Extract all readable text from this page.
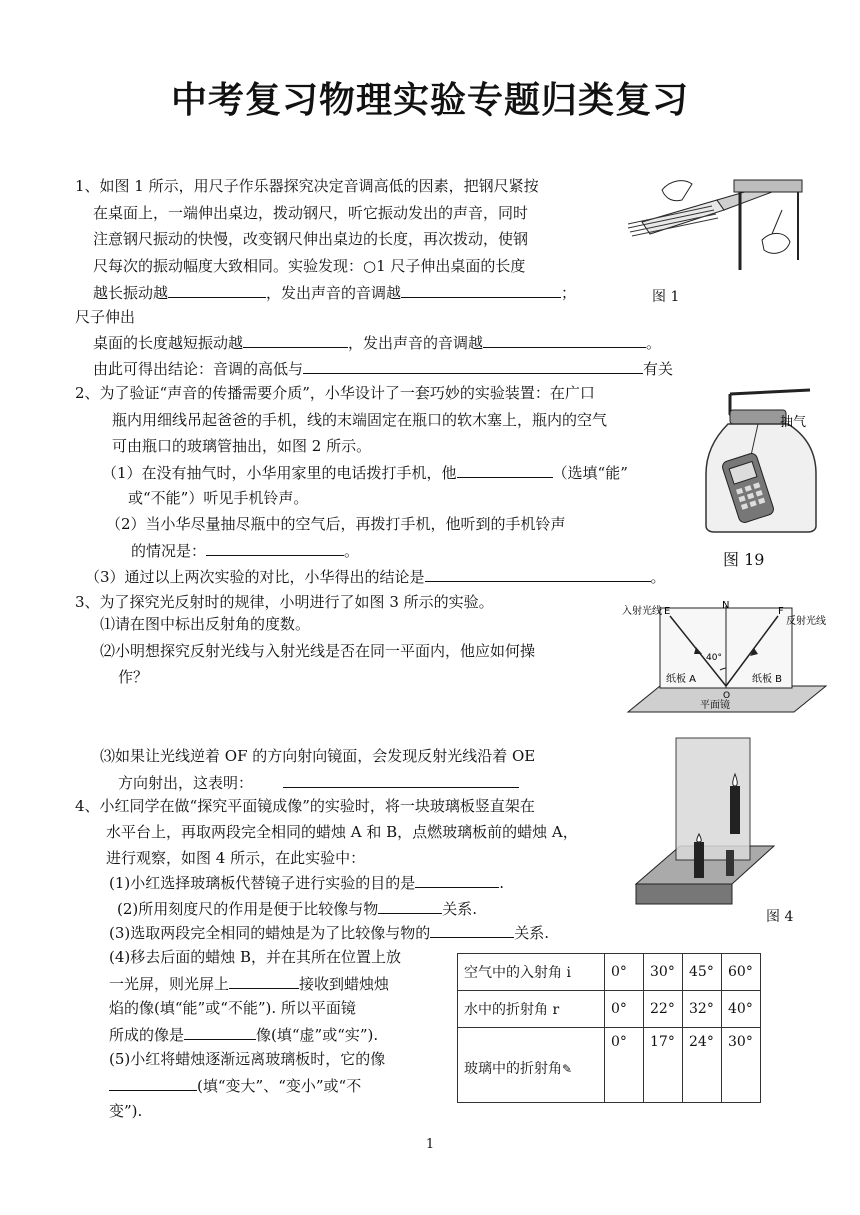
中考复习物理实验专题归类复习
1、如图 1 所示，用尺子作乐器探究决定音调高低的因素，把钢尺紧按
在桌面上，一端伸出桌边，拨动钢尺，听它振动发出的声音，同时
注意钢尺振动的快慢，改变钢尺伸出桌边的长度，再次拨动，使钢
尺每次的振动幅度大致相同。实验发现：○1 尺子伸出桌面的长度
越长振动越	，发出声音的音调越	；	图 1
尺子伸出
桌面的长度越短振动越	，发出声音的音调越	。
由此可得出结论：音调的高低与	有关
2、为了验证“声音的传播需要介质”，小华设计了一套巧妙的实验装置：在广口
瓶内用细线吊起爸爸的手机，线的末端固定在瓶口的软木塞上，瓶内的空气
可由瓶口的玻璃管抽出，如图 2 所示。
（1）在没有抽气时，小华用家里的电话拨打手机，他	（选填“能”
或“不能”）听见手机铃声。
（2）当小华尽量抽尽瓶中的空气后，再拨打手机，他听到的手机铃声
的情况是：	。
（3）通过以上两次实验的对比，小华得出的结论是	。
抽气
图 19
3、为了探究光反射时的规律，小明进行了如图 3 所示的实验。
⑴请在图中标出反射角的度数。
⑵小明想探究反射光线与入射光线是否在同一平面内，他应如何操
作？
⑶如果让光线逆着 OF 的方向射向镜面，会发现反射光线沿着 OE
方向射出，这表明：
入射光线 E
N
F
反射光线
40°
O
纸板 A	纸板 B
平面镜
4、小红同学在做“探究平面镜成像”的实验时，将一块玻璃板竖直架在
水平台上，再取两段完全相同的蜡烛 A 和 B，点燃玻璃板前的蜡烛 A，
进行观察，如图 4 所示，在此实验中：
(1)小红选择玻璃板代替镜子进行实验的目的是	.
(2)所用刻度尺的作用是便于比较像与物	关系.
(3)选取两段完全相同的蜡烛是为了比较像与物的	关系.
(4)移去后面的蜡烛 B，并在其所在位置上放
一光屏，则光屏上	接收到蜡烛烛
焰的像(填“能”或“不能”). 所以平面镜
所成的像是	像(填“虚”或“实”).
(5)小红将蜡烛逐渐远离玻璃板时，它的像
(填“变大”、“变小”或“不
变”).
图 4
空气中的入射角 i	0°	30°	45°	60°
水中的折射角 r	0°	22°	32°	40°
玻璃中的折射角✎	0°	17°	24°	30°
1
